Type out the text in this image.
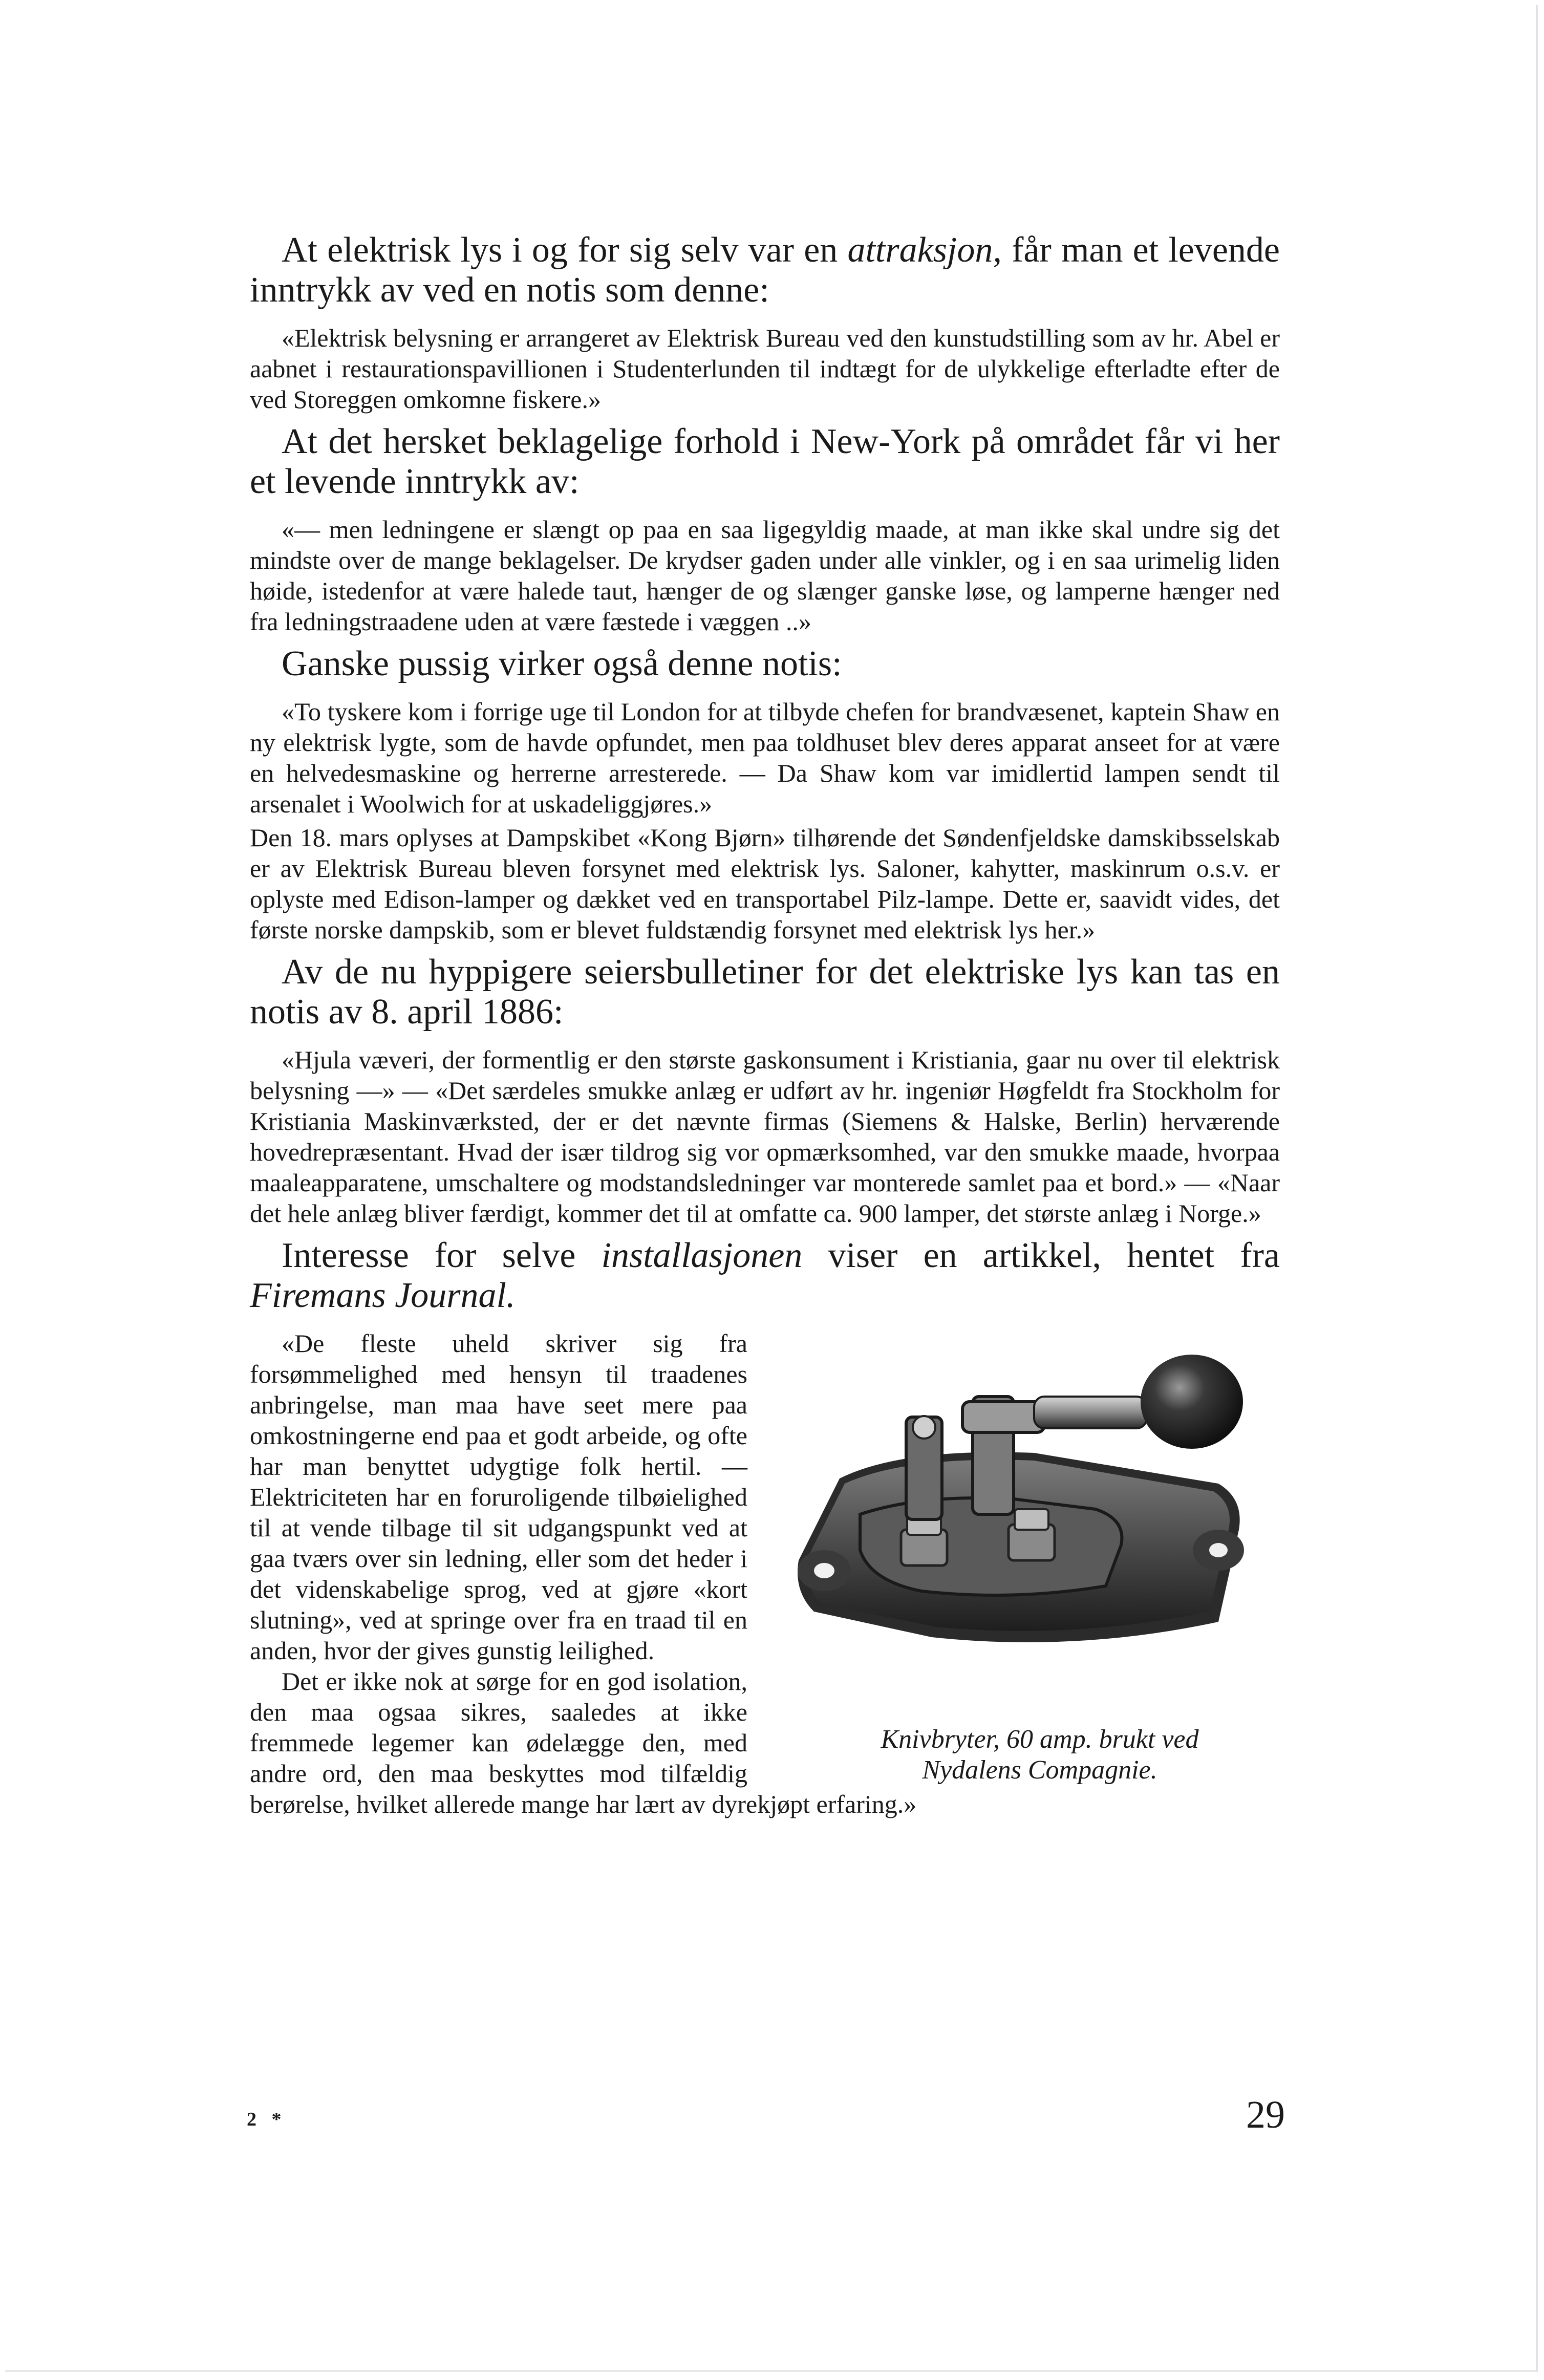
At elektrisk lys i og for sig selv var en attraksjon, får man et levende inntrykk av ved en notis som denne:

«Elektrisk belysning er arrangeret av Elektrisk Bureau ved den kunstudstilling som av hr. Abel er aabnet i restaurationspavillionen i Studenterlunden til indtægt for de ulykkelige efterladte efter de ved Storeggen omkomne fiskere.»

At det hersket beklagelige forhold i New-York på området får vi her et levende inntrykk av:

«— men ledningene er slængt op paa en saa ligegyldig maade, at man ikke skal undre sig det mindste over de mange beklagelser. De krydser gaden under alle vinkler, og i en saa urimelig liden høide, istedenfor at være halede taut, hænger de og slænger ganske løse, og lamperne hænger ned fra ledningstraadene uden at være fæstede i væggen ..»

Ganske pussig virker også denne notis:

«To tyskere kom i forrige uge til London for at tilbyde chefen for brandvæsenet, kaptein Shaw en ny elektrisk lygte, som de havde opfundet, men paa toldhuset blev deres apparat anseet for at være en helvedesmaskine og herrerne arresterede. — Da Shaw kom var imidlertid lampen sendt til arsenalet i Woolwich for at uskadeliggjøres.»

Den 18. mars oplyses at Dampskibet «Kong Bjørn» tilhørende det Søndenfjeldske damskibsselskab er av Elektrisk Bureau bleven forsynet med elektrisk lys. Saloner, kahytter, maskinrum o.s.v. er oplyste med Edison-lamper og dækket ved en transportabel Pilz-lampe. Dette er, saavidt vides, det første norske dampskib, som er blevet fuldstændig forsynet med elektrisk lys her.»

Av de nu hyppigere seiersbulletiner for det elektriske lys kan tas en notis av 8. april 1886:

«Hjula væveri, der formentlig er den største gaskonsument i Kristiania, gaar nu over til elektrisk belysning —» — «Det særdeles smukke anlæg er udført av hr. ingeniør Høgfeldt fra Stockholm for Kristiania Maskinværksted, der er det nævnte firmas (Siemens & Halske, Berlin) herværende hovedrepræsentant. Hvad der især tildrog sig vor opmærksomhed, var den smukke maade, hvorpaa maaleapparatene, umschaltere og modstandsledninger var monterede samlet paa et bord.» — «Naar det hele anlæg bliver færdigt, kommer det til at omfatte ca. 900 lamper, det største anlæg i Norge.»

Interesse for selve installasjonen viser en artikkel, hentet fra Firemans Journal.

Knivbryter, 60 amp. brukt ved
Nydalens Compagnie.
«De fleste uheld skriver sig fra forsømmelighed med hensyn til traadenes anbringelse, man maa have seet mere paa omkostningerne end paa et godt arbeide, og ofte har man benyttet udygtige folk hertil. — Elektriciteten har en foruroligende tilbøielighed til at vende tilbage til sit udgangspunkt ved at gaa tværs over sin ledning, eller som det heder i det videnskabelige sprog, ved at gjøre «kort slutning», ved at springe over fra en traad til en anden, hvor der gives gunstig leilighed.
Det er ikke nok at sørge for en god isolation, den maa ogsaa sikres, saaledes at ikke fremmede legemer kan ødelægge den, med andre ord, den maa beskyttes mod tilfældig berørelse, hvilket allerede mange har lært av dyrekjøpt erfaring.»
2 *	29
